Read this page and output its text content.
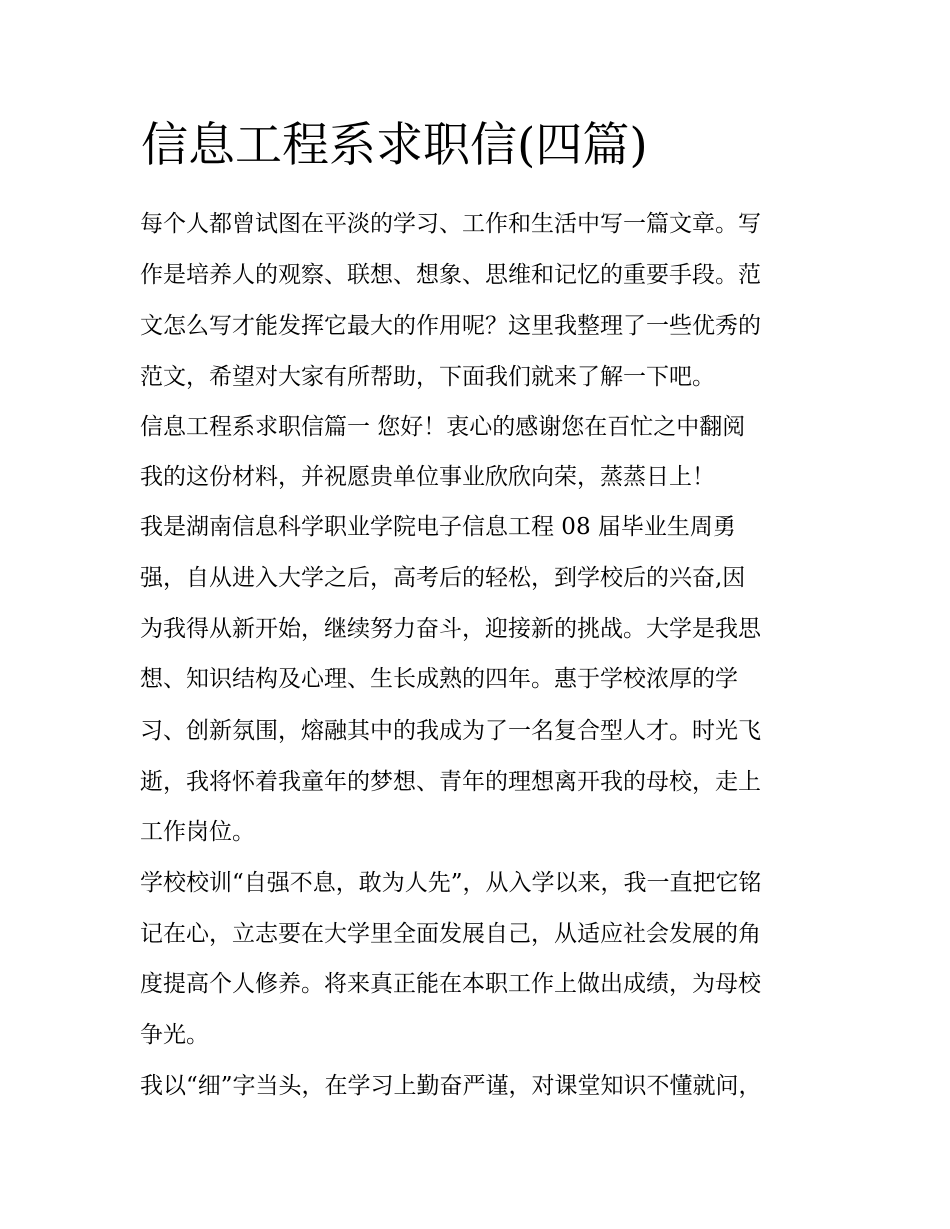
信息工程系求职信(四篇)

每个人都曾试图在平淡的学习、工作和生活中写一篇文章。写

作是培养人的观察、联想、想象、思维和记忆的重要手段。范

文怎么写才能发挥它最大的作用呢？这里我整理了一些优秀的

范文，希望对大家有所帮助，下面我们就来了解一下吧。

信息工程系求职信篇一 您好！衷心的感谢您在百忙之中翻阅

我的这份材料，并祝愿贵单位事业欣欣向荣，蒸蒸日上！

我是湖南信息科学职业学院电子信息工程 08 届毕业生周勇

强，自从进入大学之后，高考后的轻松，到学校后的兴奋,因

为我得从新开始，继续努力奋斗，迎接新的挑战。大学是我思

想、知识结构及心理、生长成熟的四年。惠于学校浓厚的学

习、创新氛围，熔融其中的我成为了一名复合型人才。时光飞

逝，我将怀着我童年的梦想、青年的理想离开我的母校，走上

工作岗位。

学校校训“自强不息，敢为人先”，从入学以来，我一直把它铭

记在心，立志要在大学里全面发展自己，从适应社会发展的角

度提高个人修养。将来真正能在本职工作上做出成绩，为母校

争光。

我以“细”字当头，在学习上勤奋严谨，对课堂知识不懂就问，
